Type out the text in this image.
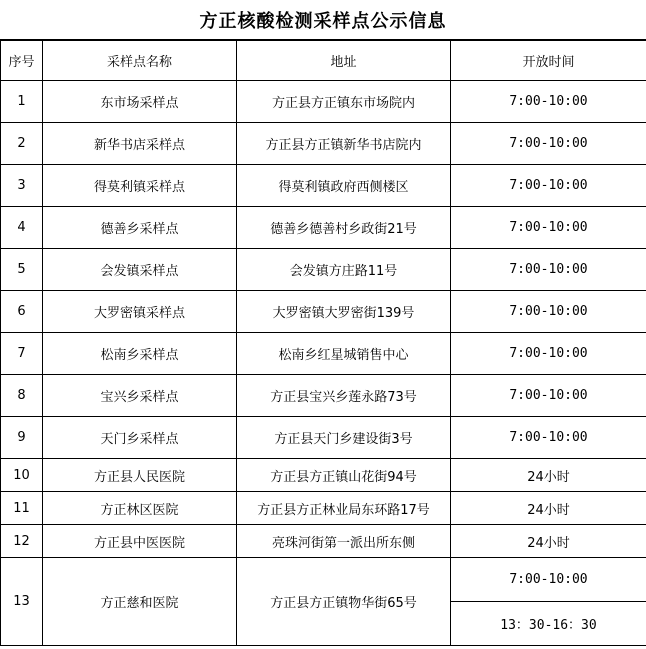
方正核酸检测采样点公示信息
序号	采样点名称	地址	开放时间
1	东市场采样点	方正县方正镇东市场院内	7:00-10:00
2	新华书店采样点	方正县方正镇新华书店院内	7:00-10:00
3	得莫利镇采样点	得莫利镇政府西侧楼区	7:00-10:00
4	德善乡采样点	德善乡德善村乡政街21号	7:00-10:00
5	会发镇采样点	会发镇方庄路11号	7:00-10:00
6	大罗密镇采样点	大罗密镇大罗密街139号	7:00-10:00
7	松南乡采样点	松南乡红星城销售中心	7:00-10:00
8	宝兴乡采样点	方正县宝兴乡莲永路73号	7:00-10:00
9	天门乡采样点	方正县天门乡建设街3号	7:00-10:00
10	方正县人民医院	方正县方正镇山花街94号	24小时
11	方正林区医院	方正县方正林业局东环路17号	24小时
12	方正县中医医院	亮珠河街第一派出所东侧	24小时
13	方正慈和医院	方正县方正镇物华街65号	7:00-10:00
13：30-16：30
